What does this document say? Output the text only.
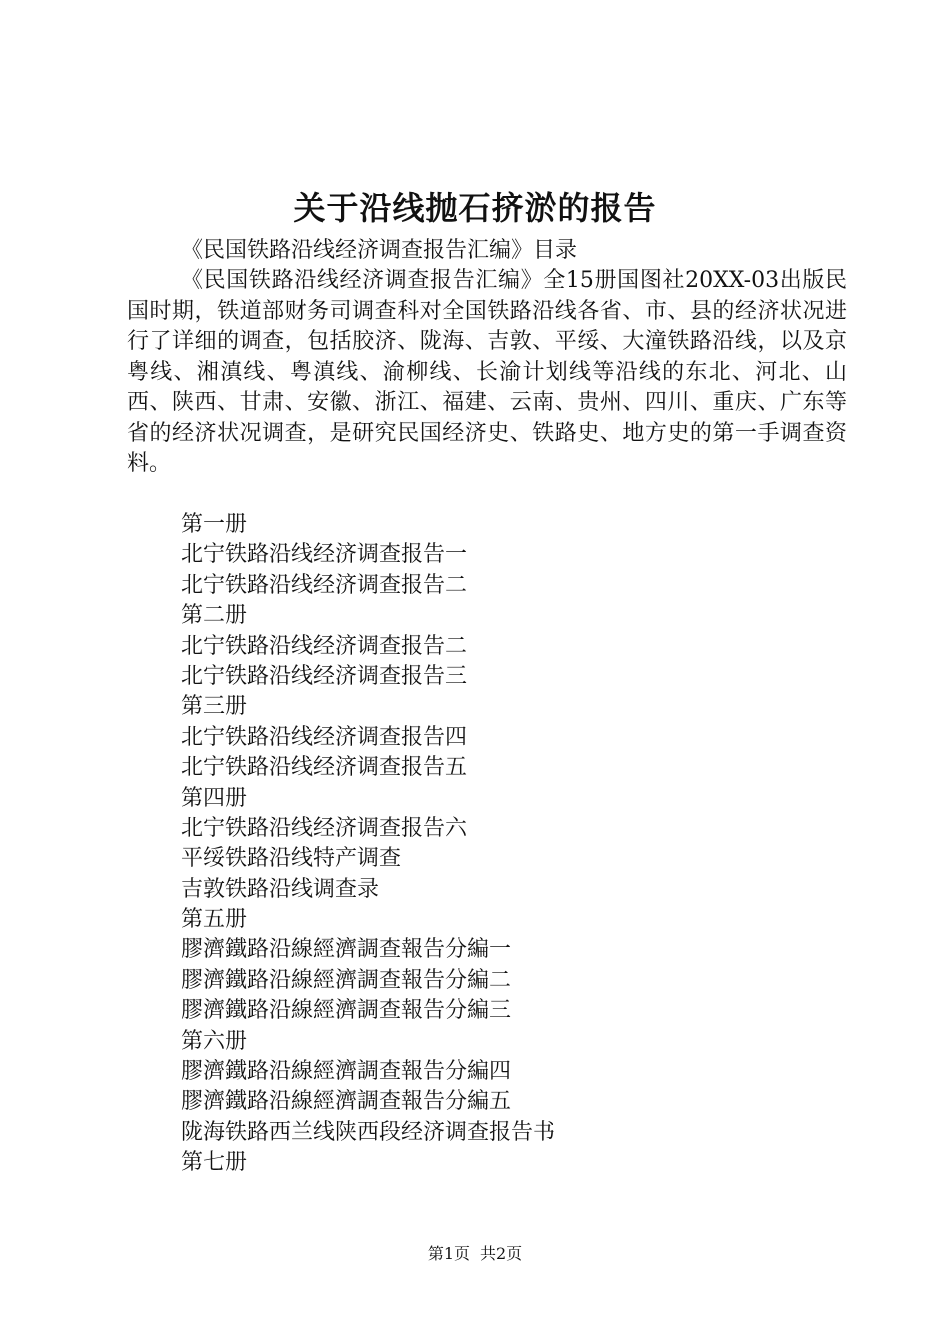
关于沿线抛石挤淤的报告

《民国铁路沿线经济调查报告汇编》目录

《民国铁路沿线经济调查报告汇编》全15册国图社20XX-03出版民国时期，铁道部财务司调查科对全国铁路沿线各省、市、县的经济状况进行了详细的调查，包括胶济、陇海、吉敦、平绥、大潼铁路沿线，以及京粤线、湘滇线、粤滇线、渝柳线、长渝计划线等沿线的东北、河北、山西、陕西、甘肃、安徽、浙江、福建、云南、贵州、四川、重庆、广东等省的经济状况调查，是研究民国经济史、铁路史、地方史的第一手调查资料。

第一册
北宁铁路沿线经济调查报告一
北宁铁路沿线经济调查报告二
第二册
北宁铁路沿线经济调查报告二
北宁铁路沿线经济调查报告三
第三册
北宁铁路沿线经济调查报告四
北宁铁路沿线经济调查报告五
第四册
北宁铁路沿线经济调查报告六
平绥铁路沿线特产调查
吉敦铁路沿线调查录
第五册
膠濟鐵路沿線經濟調查報告分編一
膠濟鐵路沿線經濟調查報告分編二
膠濟鐵路沿線經濟調查報告分編三
第六册
膠濟鐵路沿線經濟調查報告分編四
膠濟鐵路沿線經濟調查報告分編五
陇海铁路西兰线陕西段经济调查报告书
第七册

第1页 共2页
